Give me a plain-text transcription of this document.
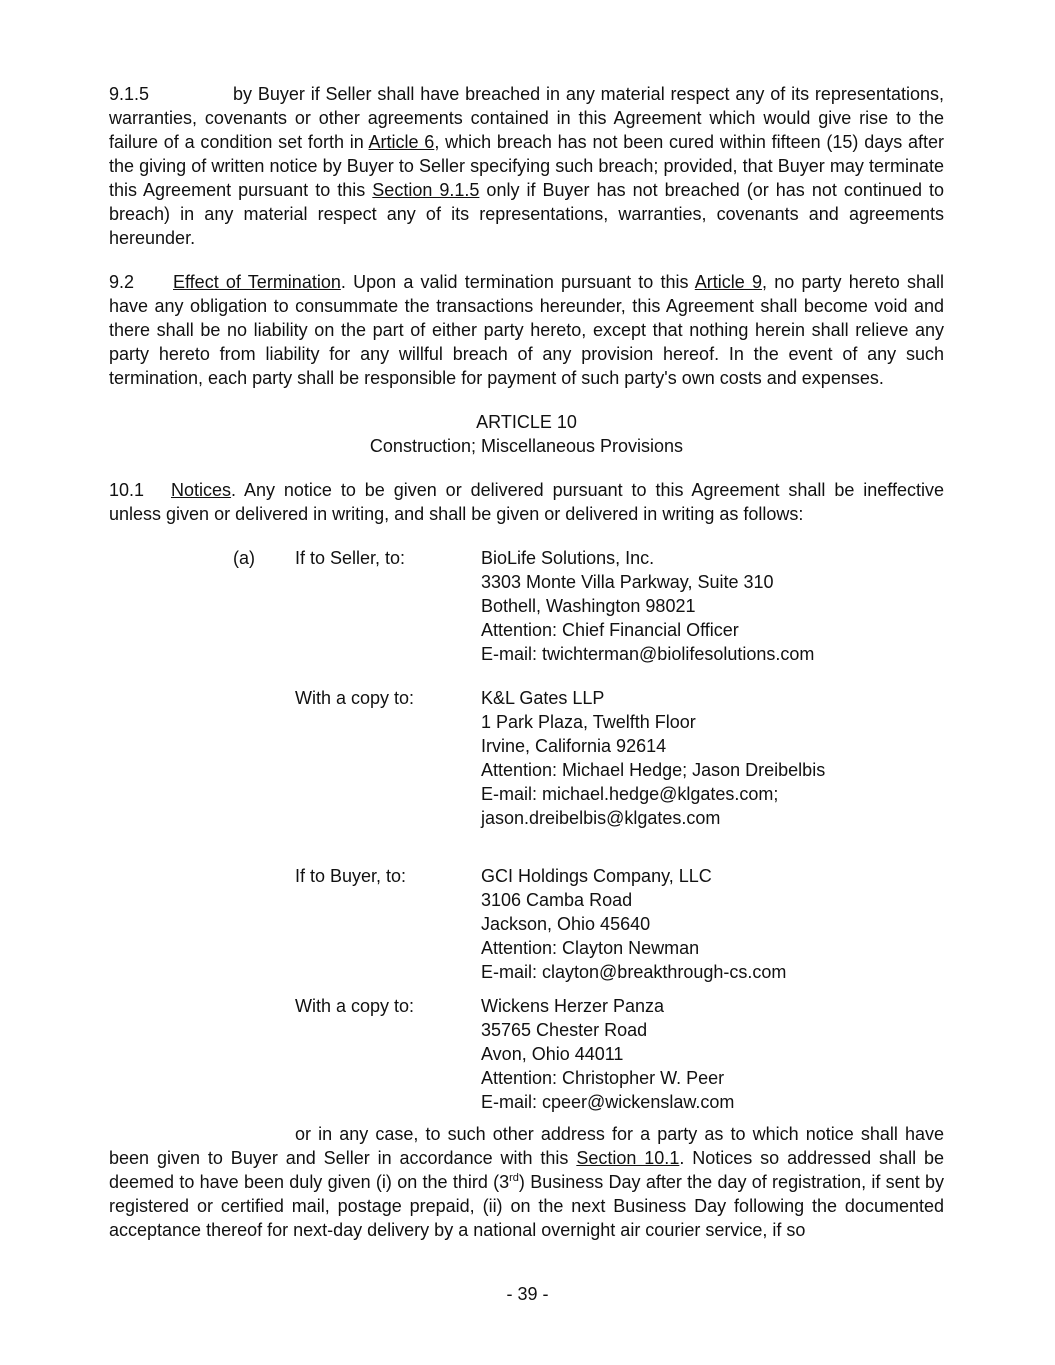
9.1.5	by Buyer if Seller shall have breached in any material respect any of its representations, warranties, covenants or other agreements contained in this Agreement which would give rise to the failure of a condition set forth in Article 6, which breach has not been cured within fifteen (15) days after the giving of written notice by Buyer to Seller specifying such breach; provided, that Buyer may terminate this Agreement pursuant to this Section 9.1.5 only if Buyer has not breached (or has not continued to breach) in any material respect any of its representations, warranties, covenants and agreements hereunder.

9.2 Effect of Termination. Upon a valid termination pursuant to this Article 9, no party hereto shall have any obligation to consummate the transactions hereunder, this Agreement shall become void and there shall be no liability on the part of either party hereto, except that nothing herein shall relieve any party hereto from liability for any willful breach of any provision hereof. In the event of any such termination, each party shall be responsible for payment of such party's own costs and expenses.

ARTICLE 10
Construction; Miscellaneous Provisions

10.1 Notices. Any notice to be given or delivered pursuant to this Agreement shall be ineffective unless given or delivered in writing, and shall be given or delivered in writing as follows:

(a)	If to Seller, to:	BioLife Solutions, Inc.
3303 Monte Villa Parkway, Suite 310
Bothell, Washington 98021
Attention: Chief Financial Officer
E-mail: twichterman@biolifesolutions.com
With a copy to:	K&L Gates LLP
1 Park Plaza, Twelfth Floor
Irvine, California 92614
Attention: Michael Hedge; Jason Dreibelbis
E-mail: michael.hedge@klgates.com;
jason.dreibelbis@klgates.com
If to Buyer, to:	GCI Holdings Company, LLC
3106 Camba Road
Jackson, Ohio 45640
Attention: Clayton Newman
E-mail: clayton@breakthrough-cs.com
With a copy to:	Wickens Herzer Panza
35765 Chester Road
Avon, Ohio 44011
Attention: Christopher W. Peer
E-mail: cpeer@wickenslaw.com

or in any case, to such other address for a party as to which notice shall have been given to Buyer and Seller in accordance with this Section 10.1. Notices so addressed shall be deemed to have been duly given (i) on the third (3rd) Business Day after the day of registration, if sent by registered or certified mail, postage prepaid, (ii) on the next Business Day following the documented acceptance thereof for next-day delivery by a national overnight air courier service, if so

- 39 -
